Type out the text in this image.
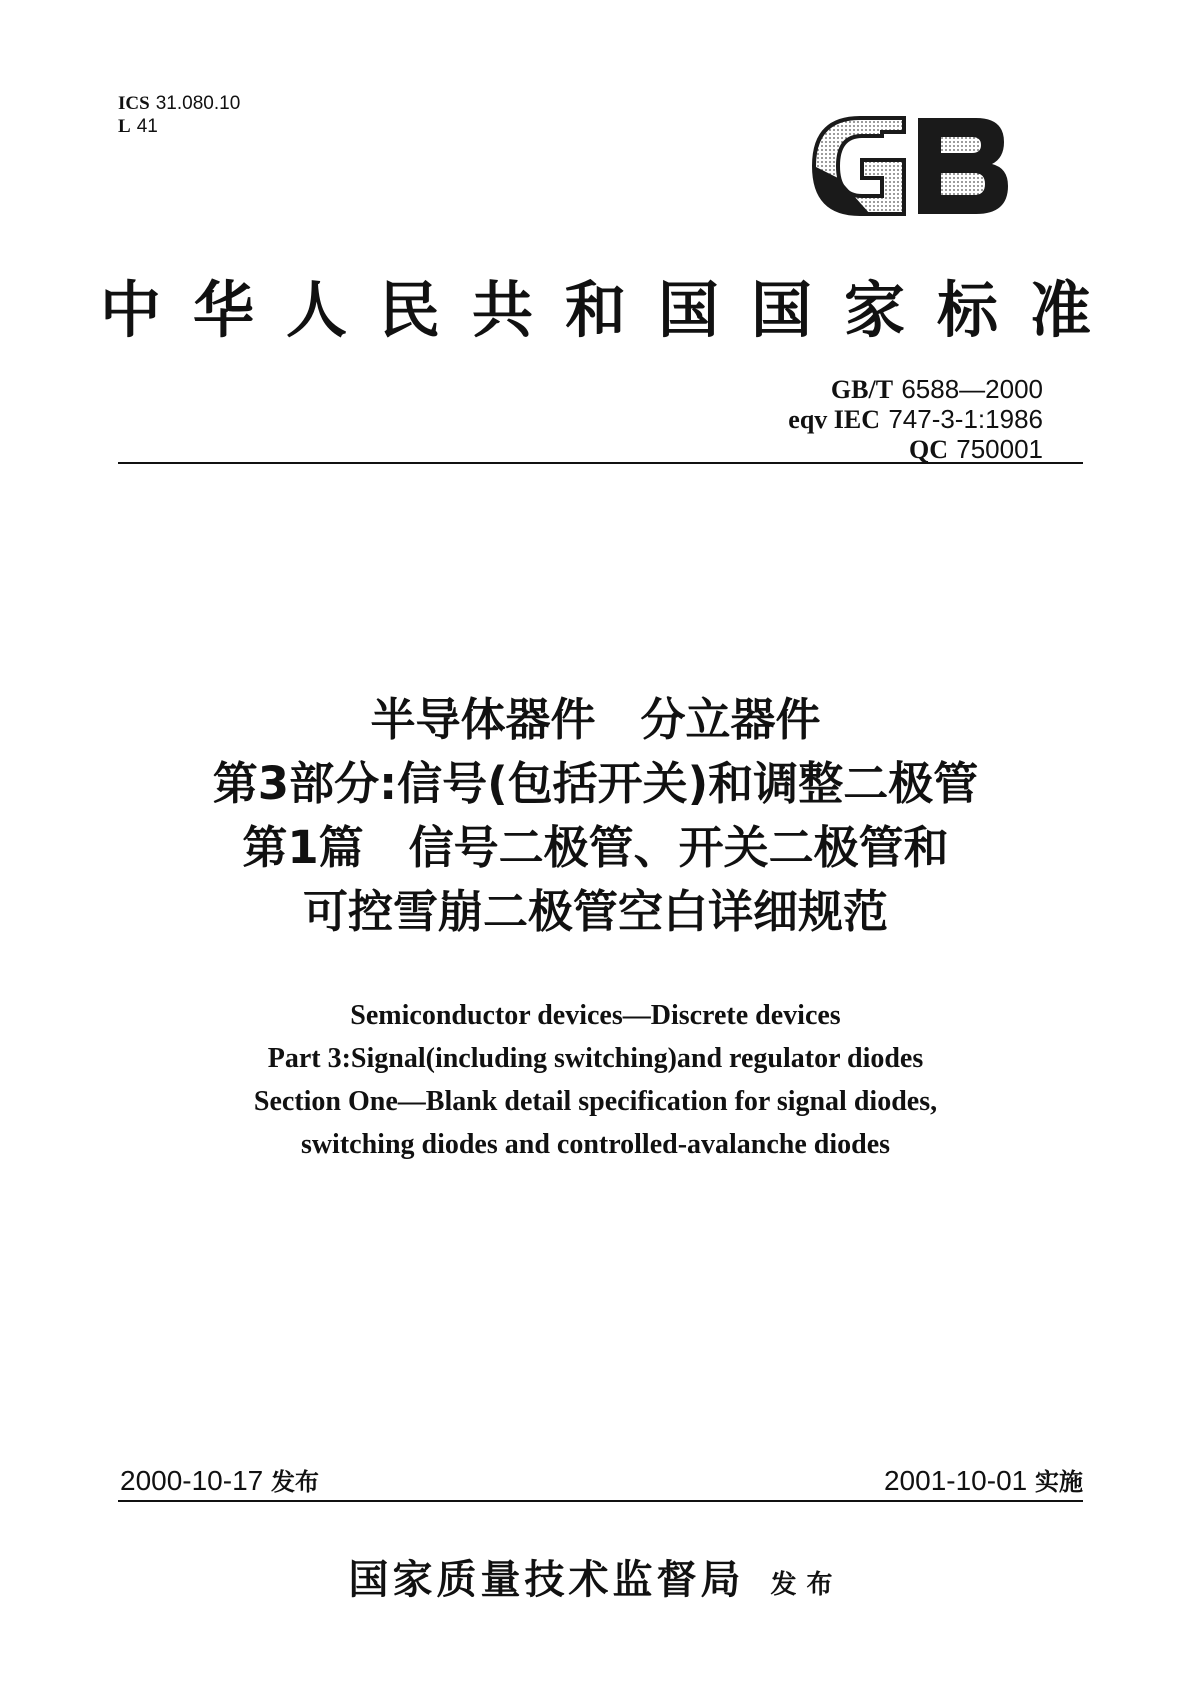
ICS 31.080.10
L 41
中华人民共和国国家标准
GB/T 6588—2000
eqv IEC 747-3-1:1986
QC 750001
半导体器件　分立器件
第3部分:信号(包括开关)和调整二极管
第1篇　信号二极管、开关二极管和
可控雪崩二极管空白详细规范
Semiconductor devices—Discrete devices
Part 3:Signal(including switching)and regulator diodes
Section One—Blank detail specification for signal diodes,
switching diodes and controlled-avalanche diodes
2000-10-17 发布	2001-10-01 实施
国家质量技术监督局 发布
